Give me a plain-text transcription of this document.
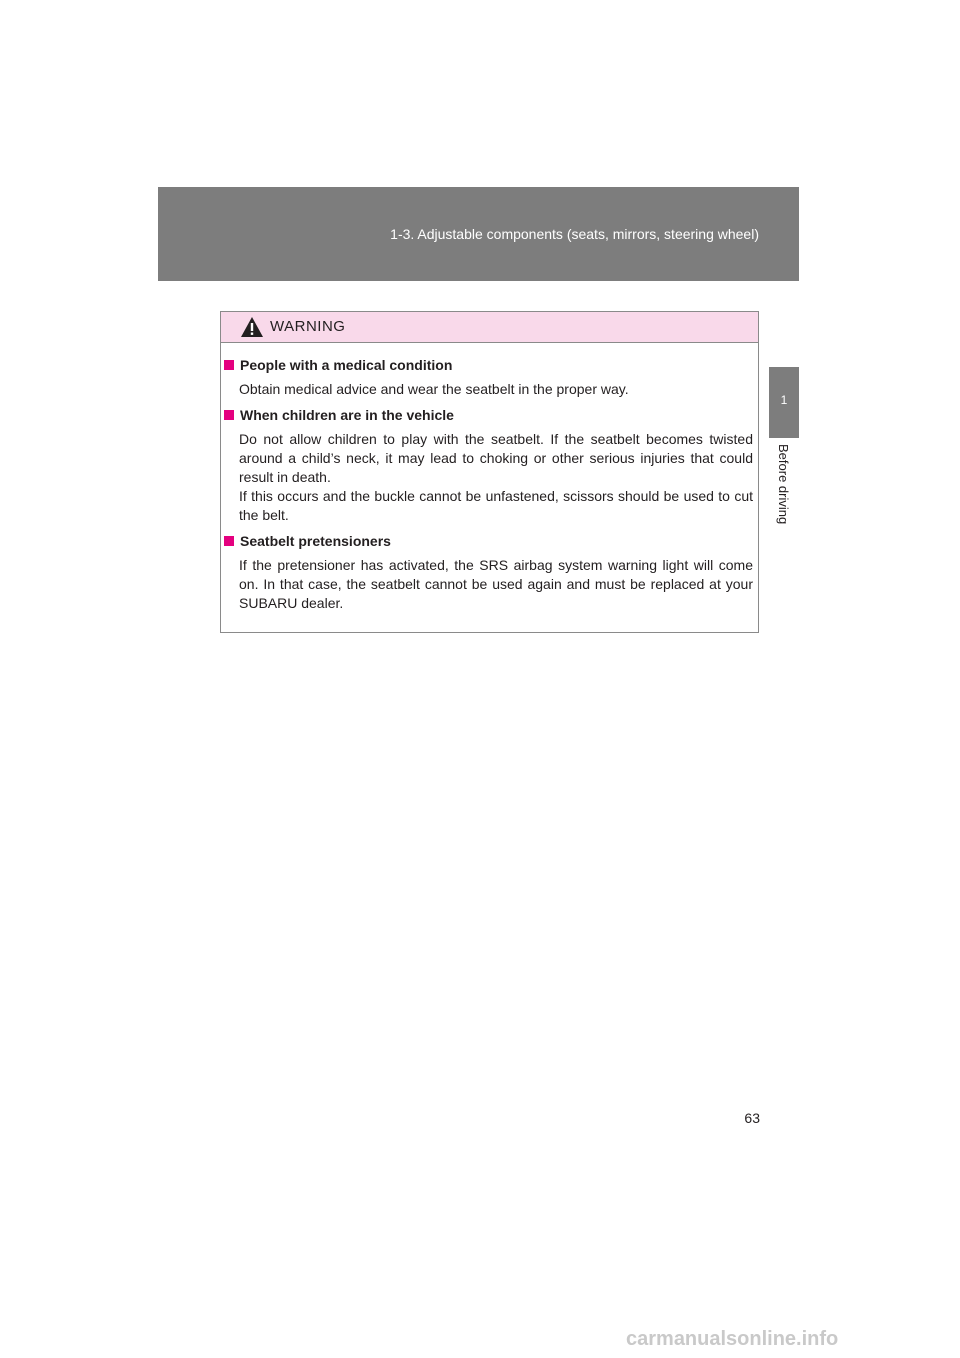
1-3. Adjustable components (seats, mirrors, steering wheel)
1
Before driving
WARNING
People with a medical condition

Obtain medical advice and wear the seatbelt in the proper way.

When children are in the vehicle

Do not allow children to play with the seatbelt. If the seatbelt becomes twisted around a child’s neck, it may lead to choking or other serious injuries that could result in death.

If this occurs and the buckle cannot be unfastened, scissors should be used to cut the belt.

Seatbelt pretensioners

If the pretensioner has activated, the SRS airbag system warning light will come on. In that case, the seatbelt cannot be used again and must be replaced at your SUBARU dealer.

63
carmanualsonline.info
